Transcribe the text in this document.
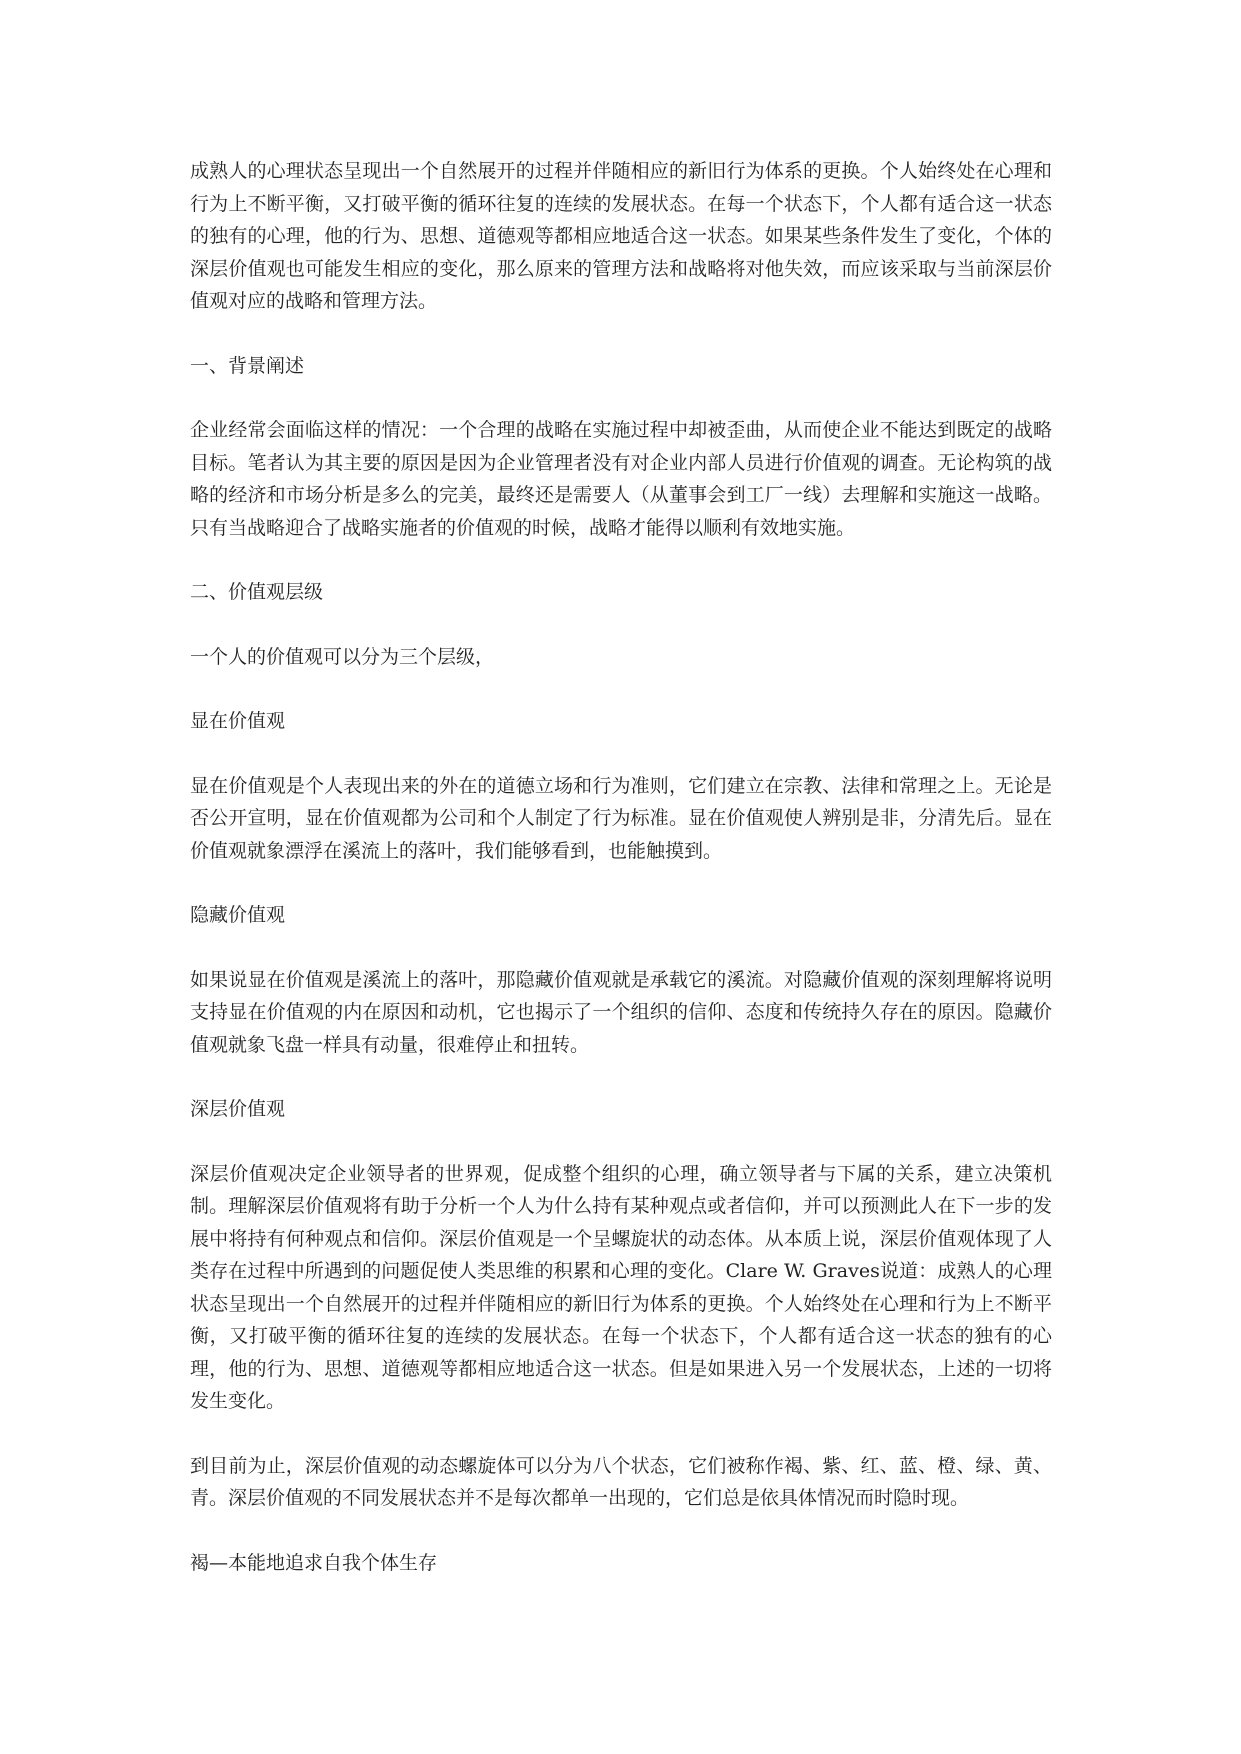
成熟人的心理状态呈现出一个自然展开的过程并伴随相应的新旧行为体系的更换。个人始终处在心理和行为上不断平衡，又打破平衡的循环往复的连续的发展状态。在每一个状态下，个人都有适合这一状态的独有的心理，他的行为、思想、道德观等都相应地适合这一状态。如果某些条件发生了变化，个体的深层价值观也可能发生相应的变化，那么原来的管理方法和战略将对他失效，而应该采取与当前深层价值观对应的战略和管理方法。

一、背景阐述

企业经常会面临这样的情况：一个合理的战略在实施过程中却被歪曲，从而使企业不能达到既定的战略目标。笔者认为其主要的原因是因为企业管理者没有对企业内部人员进行价值观的调查。无论构筑的战略的经济和市场分析是多么的完美，最终还是需要人（从董事会到工厂一线）去理解和实施这一战略。只有当战略迎合了战略实施者的价值观的时候，战略才能得以顺利有效地实施。

二、价值观层级

一个人的价值观可以分为三个层级，

显在价值观

显在价值观是个人表现出来的外在的道德立场和行为准则，它们建立在宗教、法律和常理之上。无论是否公开宣明，显在价值观都为公司和个人制定了行为标准。显在价值观使人辨别是非，分清先后。显在价值观就象漂浮在溪流上的落叶，我们能够看到，也能触摸到。

隐藏价值观

如果说显在价值观是溪流上的落叶，那隐藏价值观就是承载它的溪流。对隐藏价值观的深刻理解将说明支持显在价值观的内在原因和动机，它也揭示了一个组织的信仰、态度和传统持久存在的原因。隐藏价值观就象飞盘一样具有动量，很难停止和扭转。

深层价值观

深层价值观决定企业领导者的世界观，促成整个组织的心理，确立领导者与下属的关系，建立决策机制。理解深层价值观将有助于分析一个人为什么持有某种观点或者信仰，并可以预测此人在下一步的发展中将持有何种观点和信仰。深层价值观是一个呈螺旋状的动态体。从本质上说，深层价值观体现了人类存在过程中所遇到的问题促使人类思维的积累和心理的变化。Clare W. Graves说道：成熟人的心理状态呈现出一个自然展开的过程并伴随相应的新旧行为体系的更换。个人始终处在心理和行为上不断平衡，又打破平衡的循环往复的连续的发展状态。在每一个状态下，个人都有适合这一状态的独有的心理，他的行为、思想、道德观等都相应地适合这一状态。但是如果进入另一个发展状态，上述的一切将发生变化。

到目前为止，深层价值观的动态螺旋体可以分为八个状态，它们被称作褐、紫、红、蓝、橙、绿、黄、青。深层价值观的不同发展状态并不是每次都单一出现的，它们总是依具体情况而时隐时现。

褐—本能地追求自我个体生存
